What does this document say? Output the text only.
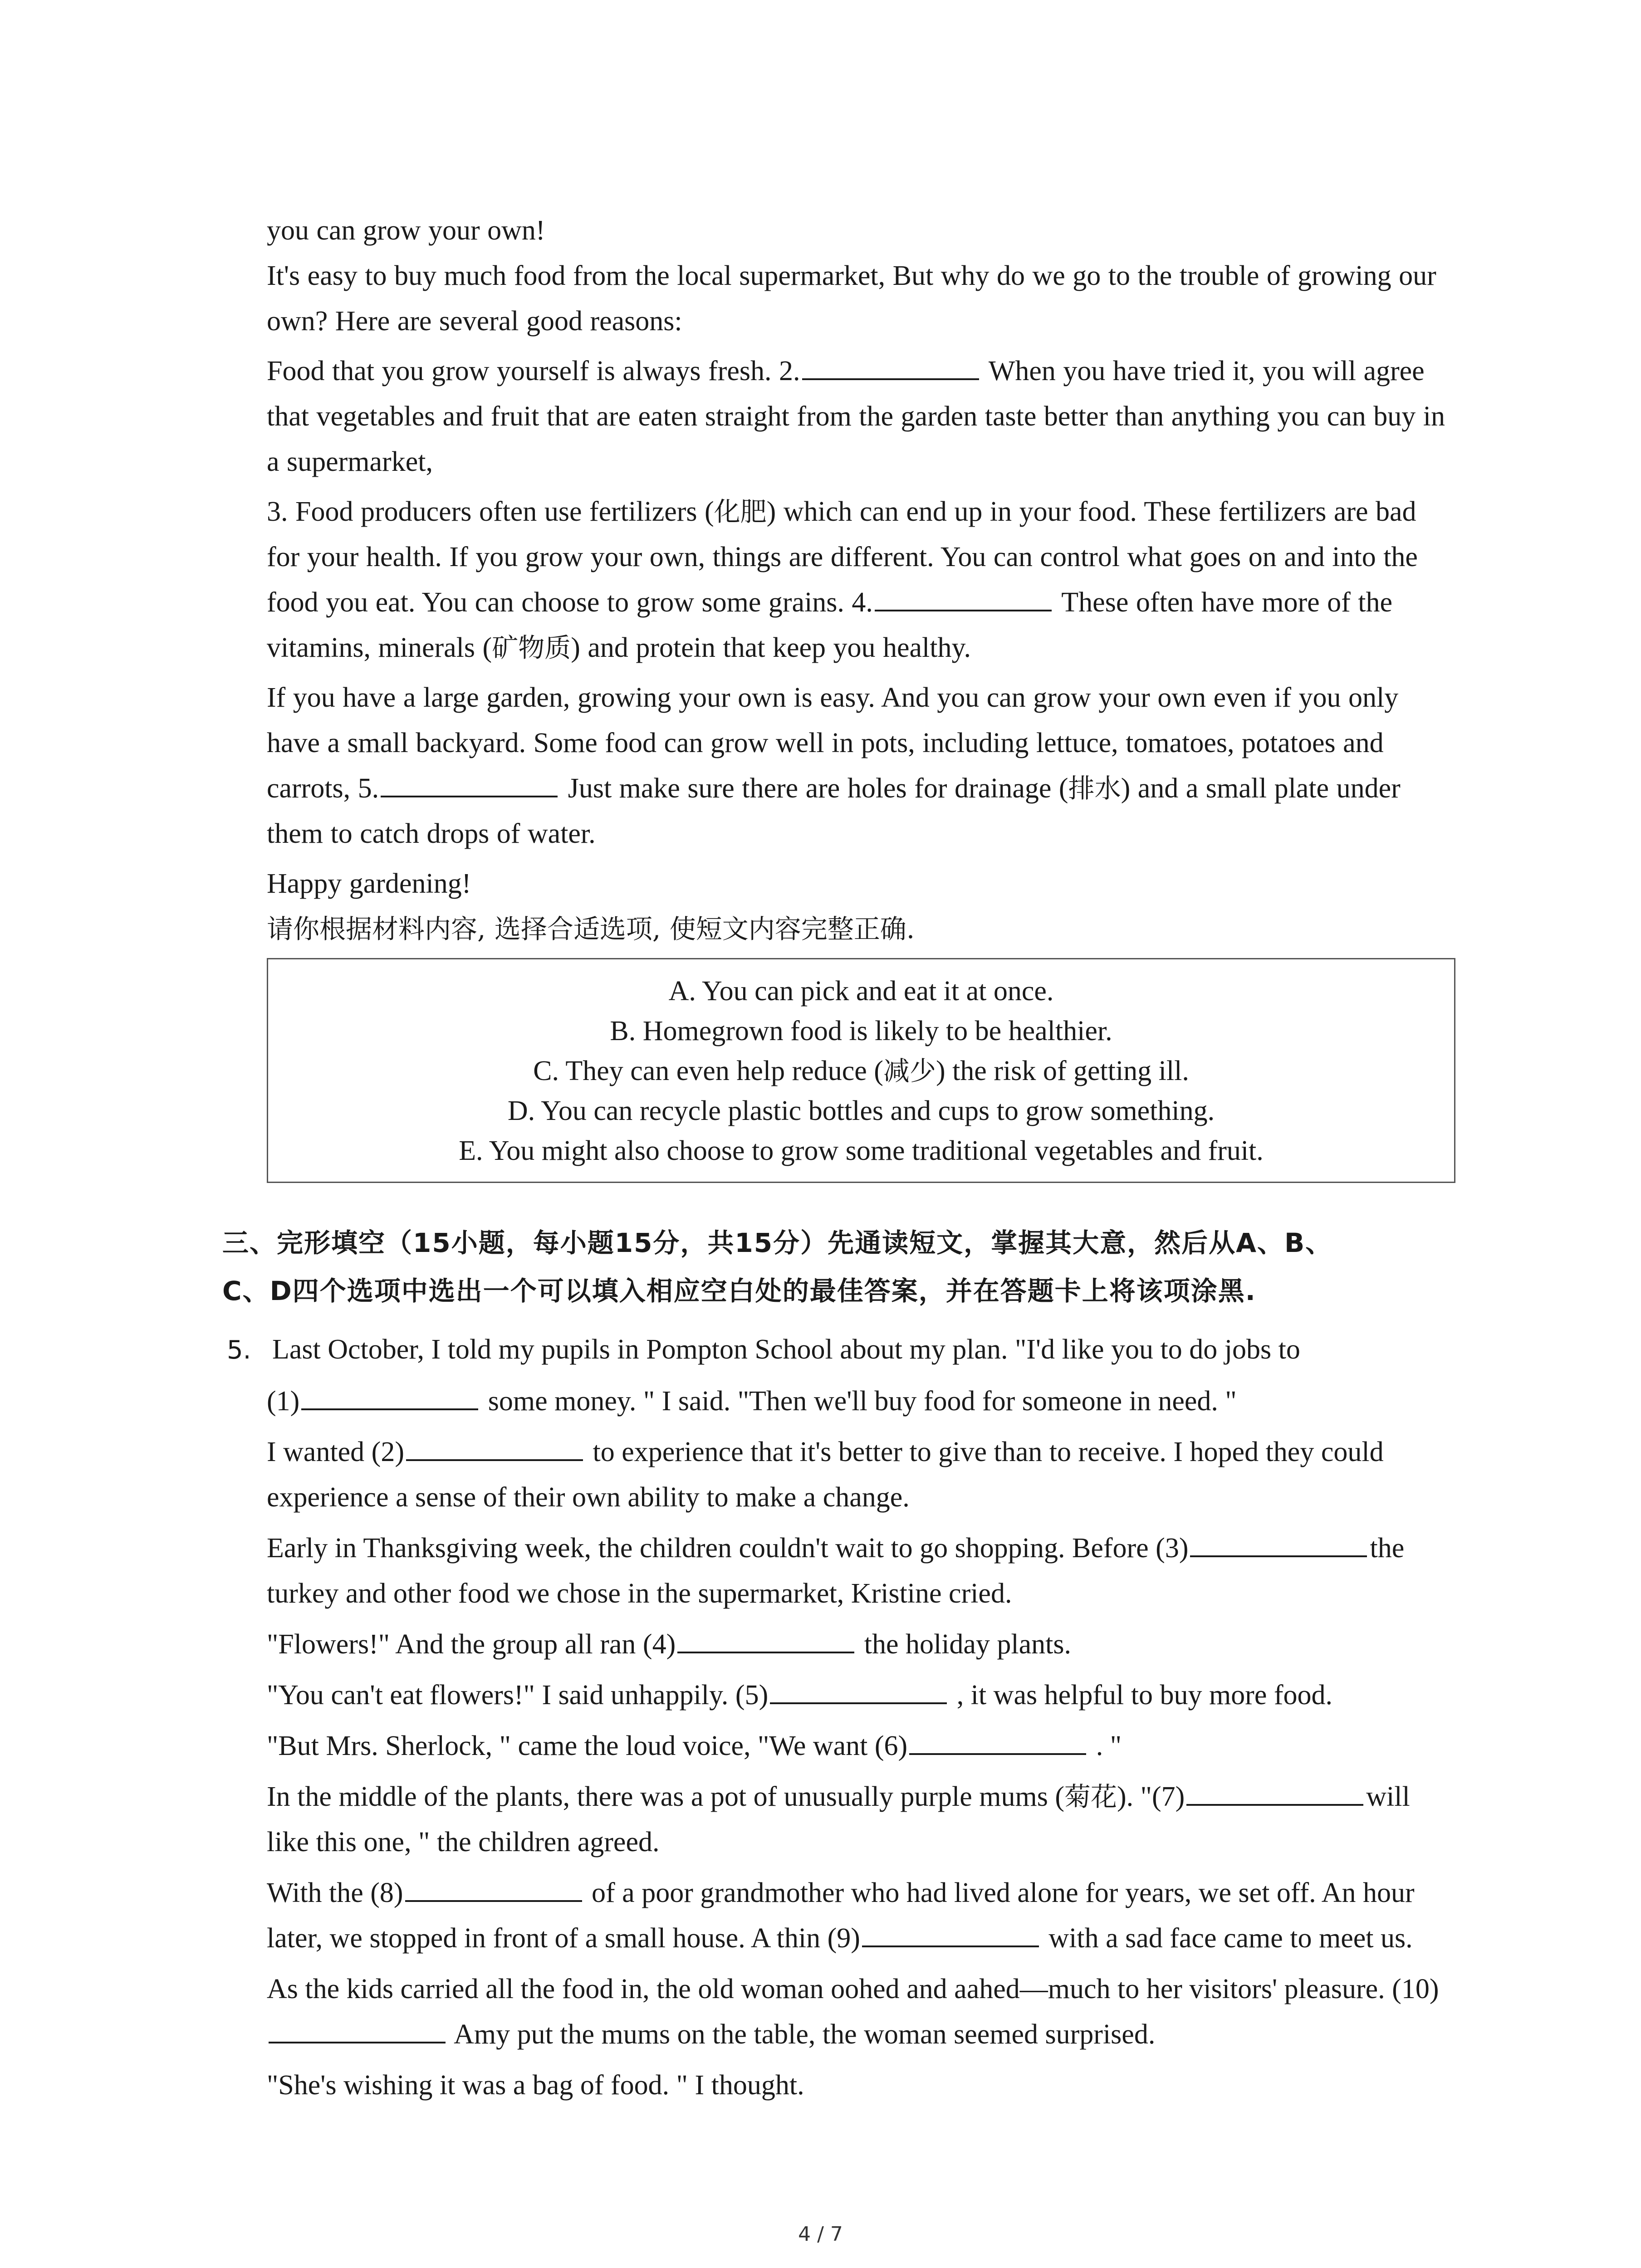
you can grow your own!

It's easy to buy much food from the local supermarket, But why do we go to the trouble of growing our own? Here are several good reasons:

Food that you grow yourself is always fresh. 2.	When you have tried it, you will agree that vegetables and fruit that are eaten straight from the garden taste better than anything you can buy in a supermarket,

3. Food producers often use fertilizers (化肥) which can end up in your food. These fertilizers are bad for your health. If you grow your own, things are different. You can control what goes on and into the food you eat. You can choose to grow some grains. 4.	These often have more of the vitamins, minerals (矿物质) and protein that keep you healthy.

If you have a large garden, growing your own is easy. And you can grow your own even if you only have a small backyard. Some food can grow well in pots, including lettuce, tomatoes, potatoes and carrots, 5.	Just make sure there are holes for drainage (排水) and a small plate under them to catch drops of water.

Happy gardening!

请你根据材料内容, 选择合适选项, 使短文内容完整正确.

A. You can pick and eat it at once.

B. Homegrown food is likely to be healthier.

C. They can even help reduce (减少) the risk of getting ill.

D. You can recycle plastic bottles and cups to grow something.

E. You might also choose to grow some traditional vegetables and fruit.

三、完形填空（15小题，每小题15分，共15分）先通读短文，掌握其大意，然后从A、B、

C、D四个选项中选出一个可以填入相应空白处的最佳答案，并在答题卡上将该项涂黑.

5. Last October, I told my pupils in Pompton School about my plan. "I'd like you to do jobs to

(1)	some money. " I said. "Then we'll buy food for someone in need. "

I wanted (2)	to experience that it's better to give than to receive. I hoped they could experience a sense of their own ability to make a change.

Early in Thanksgiving week, the children couldn't wait to go shopping. Before (3)	the turkey and other food we chose in the supermarket, Kristine cried.

"Flowers!" And the group all ran (4)	the holiday plants.

"You can't eat flowers!" I said unhappily. (5)	, it was helpful to buy more food.

"But Mrs. Sherlock, " came the loud voice, "We want (6)	. "

In the middle of the plants, there was a pot of unusually purple mums (菊花). "(7)	will like this one, " the children agreed.

With the (8)	of a poor grandmother who had lived alone for years, we set off. An hour later, we stopped in front of a small house. A thin (9)	with a sad face came to meet us.

As the kids carried all the food in, the old woman oohed and aahed—much to her visitors' pleasure. (10) Amy put the mums on the table, the woman seemed surprised.

"She's wishing it was a bag of food. " I thought.

4 / 7
